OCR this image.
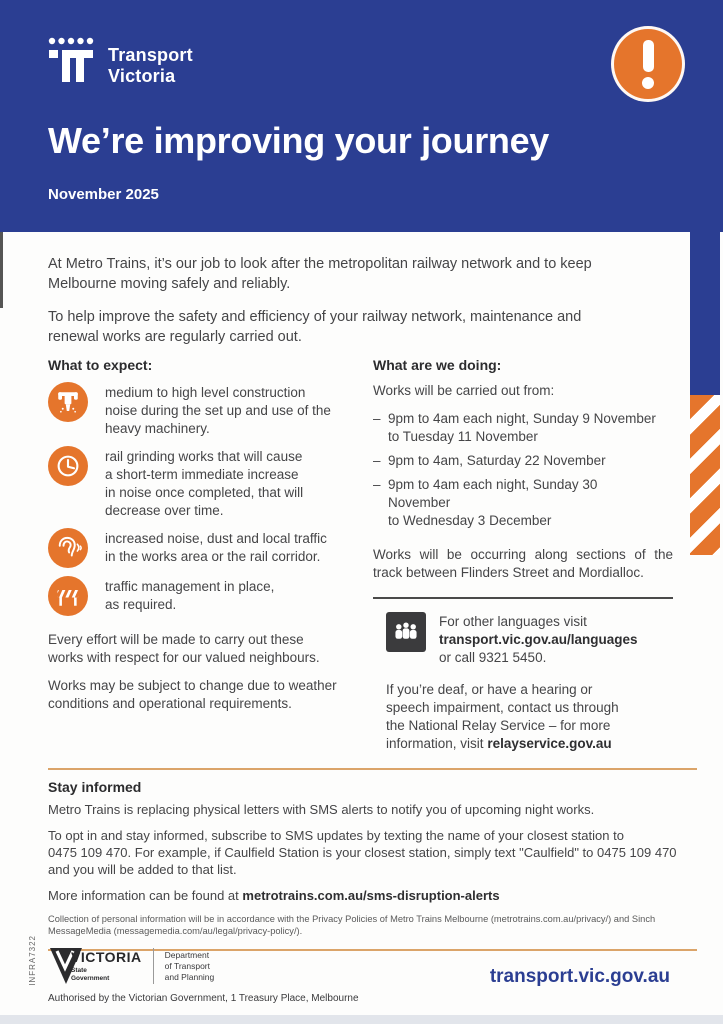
Transport
Victoria
We’re improving your journey
November 2025

At Metro Trains, it’s our job to look after the metropolitan railway network and to keep
Melbourne moving safely and reliably.

To help improve the safety and efficiency of your railway network, maintenance and
renewal works are regularly carried out.

What to expect:
medium to high level construction
noise during the set up and use of the
heavy machinery.
rail grinding works that will cause
a short-term immediate increase
in noise once completed, that will
decrease over time.
increased noise, dust and local traffic
in the works area or the rail corridor.
traffic management in place,
as required.

Every effort will be made to carry out these
works with respect for our valued neighbours.

Works may be subject to change due to weather
conditions and operational requirements.

What are we doing:

Works will be carried out from:

– 9pm to 4am each night, Sunday 9 November
to Tuesday 11 November
– 9pm to 4am, Saturday 22 November
– 9pm to 4am each night, Sunday 30 November
to Wednesday 3 December

Works will be occurring along sections of the
track between Flinders Street and Mordialloc.

For other languages visit
transport.vic.gov.au/languages
or call 9321 5450.

If you’re deaf, or have a hearing or
speech impairment, contact us through
the National Relay Service – for more
information, visit relayservice.gov.au

Stay informed

Metro Trains is replacing physical letters with SMS alerts to notify you of upcoming night works.

To opt in and stay informed, subscribe to SMS updates by texting the name of your closest station to
0475 109 470. For example, if Caulfield Station is your closest station, simply text "Caulfield" to 0475 109 470
and you will be added to that list.

More information can be found at metrotrains.com.au/sms-disruption-alerts

Collection of personal information will be in accordance with the Privacy Policies of Metro Trains Melbourne (metrotrains.com.au/privacy/) and Sinch MessageMedia (messagemedia.com/au/legal/privacy-policy/).

INFRA7322 VICTORIA
State
Government
Department
of Transport
and Planning
Authorised by the Victorian Government, 1 Treasury Place, Melbourne
transport.vic.gov.au
